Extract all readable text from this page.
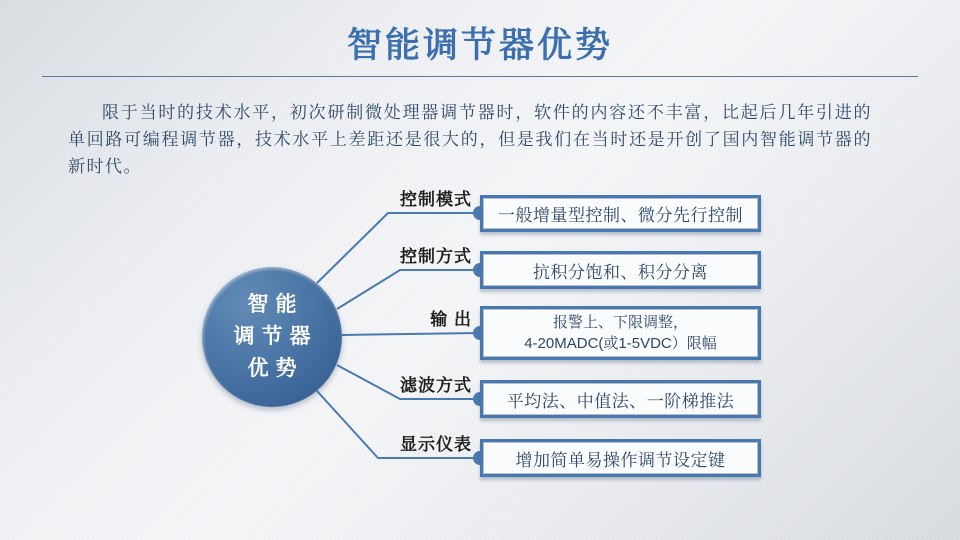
智能调节器优势
限于当时的技术水平，初次研制微处理器调节器时，软件的内容还不丰富，比起后几年引进的单回路可编程调节器，技术水平上差距还是很大的，但是我们在当时还是开创了国内智能调节器的新时代。
智能
调节器
优势
控制模式
一般增量型控制、微分先行控制
控制方式
抗积分饱和、积分分离
输 出	报警上、下限调整，
4-20MADC(或1-5VDC）限幅
滤波方式
平均法、中值法、一阶梯推法
显示仪表
增加简单易操作调节设定键
